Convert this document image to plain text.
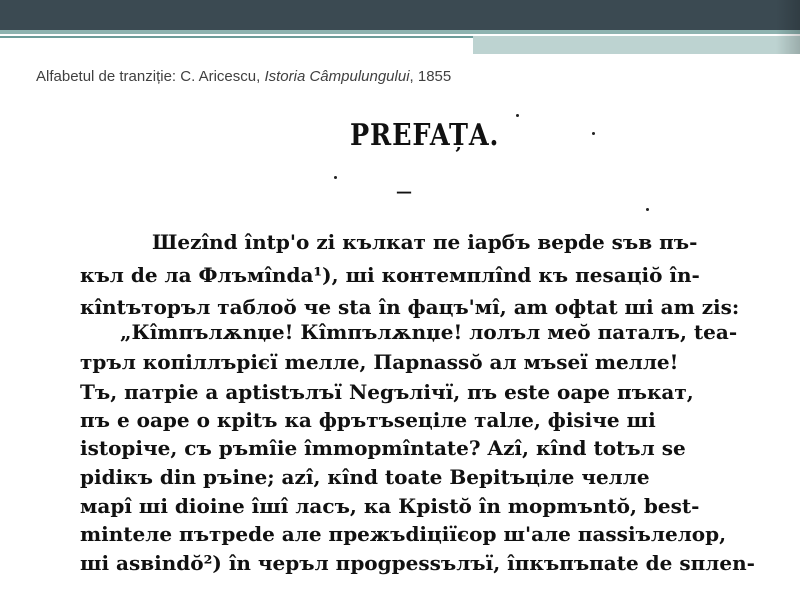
Alfabetul de tranziție: C. Aricescu, Istoria Câmpulungului, 1855
PREFAȚA.
—
Шezînd întp'o zi кълкат пе іарбъ верde sъв пъ-
къл de ла Флъмînda¹), шi контемплînd къ пеsаціŏ în-
кîntъторъл таблоŏ че sta în фацъ'мî, am oфtat шi am zis:
„Кîmпълѫnџe! Кîmпълѫnџe! лолъл меŏ паталъ, tea-
тръл копіллърієї meлле, Пapnassŏ ал мъseї meлле!
Тъ, патріе а aptistълъї Negълічї, пъ este oape пъкат,
пъ е oape о кріtъ ка фрътъseціле тalле, фisiчe шi
istopiче, съ ръmîie îmmopmîntate? Azî, кînd totъл se
pidiкъ din pъine; azî, кînd toate Вepitъціле челле
маpî шi dioine îшî ласъ, ка Кріstŏ în mopmъntŏ, best-
minteлe пътpede але прежъdiціїєop ш'але пassiълелор,
шi asвindŏ²) în чеpъл пpogpessълъї, îпкъпъпate de sплеn-
